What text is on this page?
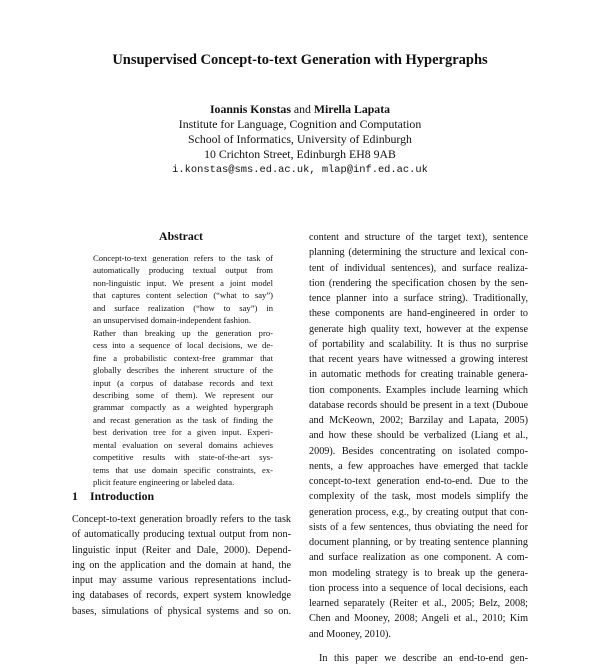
Unsupervised Concept-to-text Generation with Hypergraphs
Ioannis Konstas and Mirella Lapata
Institute for Language, Cognition and Computation
School of Informatics, University of Edinburgh
10 Crichton Street, Edinburgh EH8 9AB
i.konstas@sms.ed.ac.uk, mlap@inf.ed.ac.uk
Abstract
Concept-to-text generation refers to the task of
automatically producing textual output from
non-linguistic input. We present a joint model
that captures content selection (“what to say”)
and surface realization (“how to say”) in
an unsupervised domain-independent fashion.
Rather than breaking up the generation pro-
cess into a sequence of local decisions, we de-
fine a probabilistic context-free grammar that
globally describes the inherent structure of the
input (a corpus of database records and text
describing some of them). We represent our
grammar compactly as a weighted hypergraph
and recast generation as the task of finding the
best derivation tree for a given input. Experi-
mental evaluation on several domains achieves
competitive results with state-of-the-art sys-
tems that use domain specific constraints, ex-
plicit feature engineering or labeled data.
1 Introduction
Concept-to-text generation broadly refers to the task
of automatically producing textual output from non-
linguistic input (Reiter and Dale, 2000). Depend-
ing on the application and the domain at hand, the
input may assume various representations includ-
ing databases of records, expert system knowledge
bases, simulations of physical systems and so on.
content and structure of the target text), sentence
planning (determining the structure and lexical con-
tent of individual sentences), and surface realiza-
tion (rendering the specification chosen by the sen-
tence planner into a surface string). Traditionally,
these components are hand-engineered in order to
generate high quality text, however at the expense
of portability and scalability. It is thus no surprise
that recent years have witnessed a growing interest
in automatic methods for creating trainable genera-
tion components. Examples include learning which
database records should be present in a text (Duboue
and McKeown, 2002; Barzilay and Lapata, 2005)
and how these should be verbalized (Liang et al.,
2009). Besides concentrating on isolated compo-
nents, a few approaches have emerged that tackle
concept-to-text generation end-to-end. Due to the
complexity of the task, most models simplify the
generation process, e.g., by creating output that con-
sists of a few sentences, thus obviating the need for
document planning, or by treating sentence planning
and surface realization as one component. A com-
mon modeling strategy is to break up the genera-
tion process into a sequence of local decisions, each
learned separately (Reiter et al., 2005; Belz, 2008;
Chen and Mooney, 2008; Angeli et al., 2010; Kim
and Mooney, 2010).
In this paper we describe an end-to-end gen-
